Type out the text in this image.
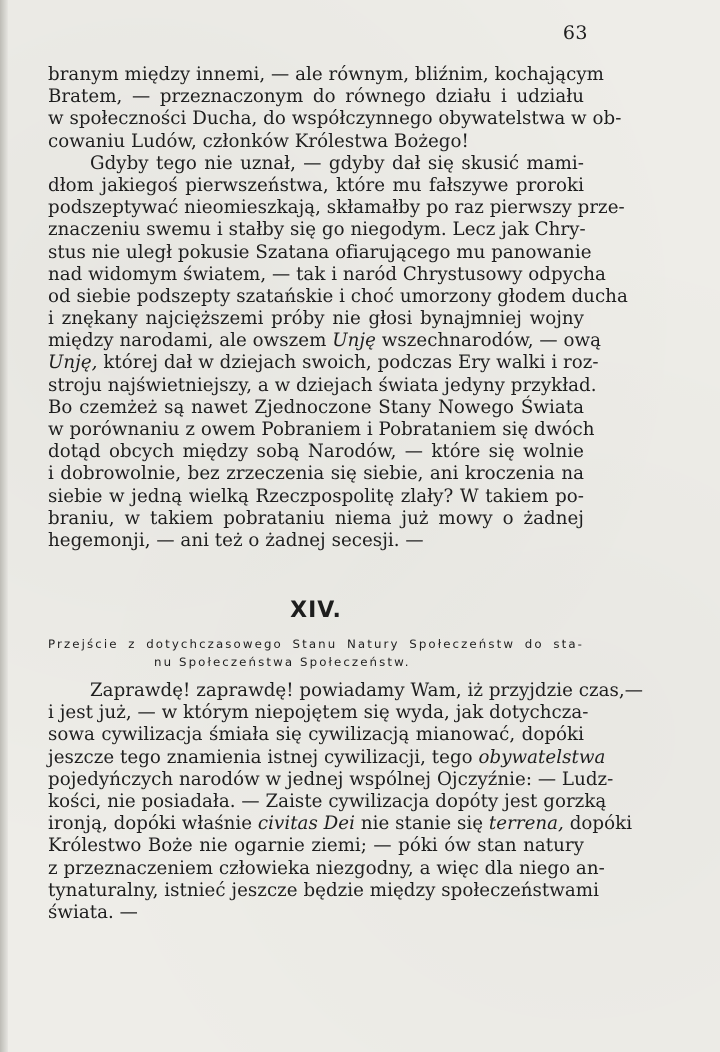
63
branym między innemi, — ale równym, bliźnim, kochającym
Bratem, — przeznaczonym do równego działu i udziału
w społeczności Ducha, do współczynnego obywatelstwa w ob-
cowaniu Ludów, członków Królestwa Bożego!
Gdyby tego nie uznał, — gdyby dał się skusić mami-
dłom jakiegoś pierwszeństwa, które mu fałszywe proroki
podszeptywać nieomieszkają, skłamałby po raz pierwszy prze-
znaczeniu swemu i stałby się go niegodym. Lecz jak Chry-
stus nie uległ pokusie Szatana ofiarującego mu panowanie
nad widomym światem, — tak i naród Chrystusowy odpycha
od siebie podszepty szatańskie i choć umorzony głodem ducha
i znękany najcięższemi próby nie głosi bynajmniej wojny
między narodami, ale owszem Unję wszechnarodów, — ową
Unję, której dał w dziejach swoich, podczas Ery walki i roz-
stroju najświetniejszy, a w dziejach świata jedyny przykład.
Bo czemżeż są nawet Zjednoczone Stany Nowego Świata
w porównaniu z owem Pobraniem i Pobrataniem się dwóch
dotąd obcych między sobą Narodów, — które się wolnie
i dobrowolnie, bez zrzeczenia się siebie, ani kroczenia na
siebie w jedną wielką Rzeczpospolitę zlały? W takiem po-
braniu, w takiem pobrataniu niema już mowy o żadnej
hegemonji, — ani też o żadnej secesji. —
XIV.
Przejście z dotychczasowego Stanu Natury Społeczeństw do sta-
nu Społeczeństwa Społeczeństw.
Zaprawdę! zaprawdę! powiadamy Wam, iż przyjdzie czas,—
i jest już, — w którym niepojętem się wyda, jak dotychcza-
sowa cywilizacja śmiała się cywilizacją mianować, dopóki
jeszcze tego znamienia istnej cywilizacji, tego obywatelstwa
pojedyńczych narodów w jednej wspólnej Ojczyźnie: — Ludz-
kości, nie posiadała. — Zaiste cywilizacja dopóty jest gorzką
ironją, dopóki właśnie civitas Dei nie stanie się terrena, dopóki
Królestwo Boże nie ogarnie ziemi; — póki ów stan natury
z przeznaczeniem człowieka niezgodny, a więc dla niego an-
tynaturalny, istnieć jeszcze będzie między społeczeństwami
świata. —
